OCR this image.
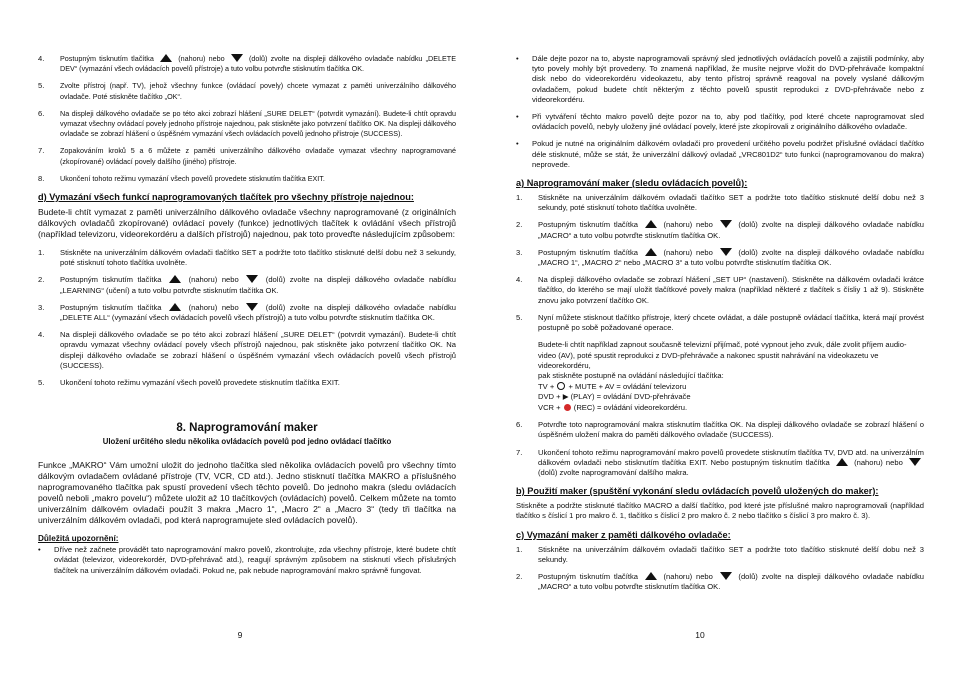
4.	Postupným tisknutím tlačítka	(nahoru) nebo	(dolů) zvolte na displeji dálkového ovladače nabídku „DELETE DEV“ (vymazání všech ovládacích povelů přístroje) a tuto volbu potvrďte stisknutím tlačítka OK.
5.	Zvolte přístroj (např. TV), jehož všechny funkce (ovládací povely) chcete vymazat z paměti univerzálního dálkového ovladače. Poté stiskněte tlačítko „OK“.
6.	Na displeji dálkového ovladače se po této akci zobrazí hlášení „SURE DELET“ (potvrdit vymazání). Budete-li chtít opravdu vymazat všechny ovládací povely jednoho přístroje najednou, pak stiskněte jako potvrzení tlačítko OK. Na displeji dálkového ovladače se zobrazí hlášení o úspěšném vymazání všech ovládacích povelů jednoho přístroje (SUCCESS).
7.	Zopakováním kroků 5 a 6 můžete z paměti univerzálního dálkového ovladače vymazat všechny naprogramované (zkopírované) ovládací povely dalšího (jiného) přístroje.
8.	Ukončení tohoto režimu vymazání všech povelů provedete stisknutím tlačítka EXIT.
d) Vymazání všech funkcí naprogramovaných tlačítek pro všechny přístroje najednou:
Budete-li chtít vymazat z paměti univerzálního dálkového ovladače všechny naprogramované (z originálních dálkových ovladačů zkopírované) ovládací povely (funkce) jednotlivých tlačítek k ovládání všech přístrojů (například televizoru, videorekordéru a dalších přístrojů) najednou, pak toto proveďte následujícím způsobem:
1.	Stiskněte na univerzálním dálkovém ovladači tlačítko SET a podržte toto tlačítko stisknuté delší dobu než 3 sekundy, poté stisknutí tohoto tlačítka uvolněte.
2.	Postupným tisknutím tlačítka  (nahoru) nebo  (dolů) zvolte na displeji dálkového ovladače nabídku „LEARNING“ (učení) a tuto volbu potvrďte stisknutím tlačítka OK.
3.	Postupným tisknutím tlačítka  (nahoru) nebo  (dolů) zvolte na displeji dálkového ovladače nabídku „DELETE ALL“ (vymazání všech ovládacích povelů všech přístrojů) a tuto volbu potvrďte stisknutím tlačítka OK.
4.	Na displeji dálkového ovladače se po této akci zobrazí hlášení „SURE DELET“ (potvrdit vymazání). Budete-li chtít opravdu vymazat všechny ovládací povely všech přístrojů najednou, pak stiskněte jako potvrzení tlačítko OK. Na displeji dálkového ovladače se zobrazí hlášení o úspěšném vymazání všech ovládacích povelů všech přístrojů (SUCCESS).
5.	Ukončení tohoto režimu vymazání všech povelů provedete stisknutím tlačítka EXIT.
8. Naprogramování maker
Uložení určitého sledu několika ovládacích povelů pod jedno ovládací tlačítko
Funkce „MAKRO“ Vám umožní uložit do jednoho tlačítka sled několika ovládacích povelů pro všechny tímto dálkovým ovladačem ovládané přístroje (TV, VCR, CD atd.). Jedno stisknutí tlačítka MAKRO a příslušného naprogramovaného tlačítka pak spustí provedení všech těchto povelů. Do jednoho makra (sledu ovládacích povelů neboli „makro povelu“) můžete uložit až 10 tlačítkových (ovládacích) povelů. Celkem můžete na tomto univerzálním dálkovém ovladači použít 3 makra „Macro 1“, „Macro 2“ a „Macro 3“ (tedy tři tlačítka na univerzálním dálkovém ovladači, pod která naprogramujete sled ovládacích povelů).
Důležitá upozornění:
•	Dříve než začnete provádět tato naprogramování makro povelů, zkontrolujte, zda všechny přístroje, které budete chtít ovládat (televizor, videorekordér, DVD-přehrávač atd.), reagují správným způsobem na stisknutí všech příslušných tlačítek na univerzálním dálkovém ovladači. Pokud ne, pak nebude naprogramování makro správně fungovat.
9
•	Dále dejte pozor na to, abyste naprogramovali správný sled jednotlivých ovládacích povelů a zajistili podmínky, aby tyto povely mohly být provedeny. To znamená například, že musíte nejprve vložit do DVD-přehrávače kompaktní disk nebo do videorekordéru videokazetu, aby tento přístroj správně reagoval na povely vyslané dálkovým ovladačem, pokud budete chtít některým z těchto povelů spustit reprodukci z DVD-přehrávače nebo z videorekordéru.
•	Při vytváření těchto makro povelů dejte pozor na to, aby pod tlačítky, pod které chcete naprogramovat sled ovládacích povelů, nebyly uloženy jiné ovládací povely, které jste zkopírovali z originálního dálkového ovladače.
•	Pokud je nutné na originálním dálkovém ovladači pro provedení určitého povelu podržet příslušné ovládací tlačítko déle stisknuté, může se stát, že univerzální dálkový ovladač „VRC801D2“ tuto funkci (naprogramovanou do makra) neprovede.
a) Naprogramování maker (sledu ovládacích povelů):
1.	Stiskněte na univerzálním dálkovém ovladači tlačítko SET a podržte toto tlačítko stisknuté delší dobu než 3 sekundy, poté stisknutí tohoto tlačítka uvolněte.
2.	Postupným tisknutím tlačítka  (nahoru) nebo  (dolů) zvolte na displeji dálkového ovladače nabídku „MACRO“ a tuto volbu potvrďte stisknutím tlačítka OK.
3.	Postupným tisknutím tlačítka  (nahoru) nebo  (dolů) zvolte na displeji dálkového ovladače nabídku „MACRO 1“, „MACRO 2“ nebo „MACRO 3“ a tuto volbu potvrďte stisknutím tlačítka OK.
4.	Na displeji dálkového ovladače se zobrazí hlášení „SET UP“ (nastavení). Stiskněte na dálkovém ovladači krátce tlačítko, do kterého se mají uložit tlačítkové povely makra (například některé z tlačítek s čísliy 1 až 9). Stiskněte znovu jako potvrzení tlačítko OK.
5.	Nyní můžete stisknout tlačítko přístroje, který chcete ovládat, a dále postupně ovládací tlačítka, která mají provést postupně po sobě požadované operace.
Budete-li chtít například zapnout současně televizní přijímač, poté vypnout jeho zvuk, dále zvolit příjem audio-video (AV), poté spustit reprodukci z DVD-přehrávače a nakonec spustit nahrávání na videokazetu ve videorekordéru,
pak stiskněte postupně na ovládání následující tlačítka:
TV +  + MUTE + AV = ovládání televizoru
DVD + ▶ (PLAY) = ovládání DVD-přehrávače
VCR +  (REC) = ovládání videorekordéru.
6.	Potvrďte toto naprogramování makra stisknutím tlačítka OK. Na displeji dálkového ovladače se zobrazí hlášení o úspěšném uložení makra do paměti dálkového ovladače (SUCCESS).
7.	Ukončení tohoto režimu naprogramování makro povelů provedete stisknutím tlačítka TV, DVD atd. na univerzálním dálkovém ovladači nebo stisknutím tlačítka EXIT. Nebo postupným tisknutím tlačítka  (nahoru) nebo  (dolů) zvolte naprogramování dalšího makra.
b) Použití maker (spuštění vykonání sledu ovládacích povelů uložených do maker):
Stiskněte a podržte stisknuté tlačítko MACRO a další tlačítko, pod které jste příslušné makro naprogramovali (například tlačítko s číslicí 1 pro makro č. 1, tlačítko s číslicí 2 pro makro č. 2 nebo tlačítko s číslicí 3 pro makro č. 3).
c) Vymazání maker z paměti dálkového ovladače:
1.	Stiskněte na univerzálním dálkovém ovladači tlačítko SET a podržte toto tlačítko stisknuté delší dobu než 3 sekundy.
2.	Postupným tisknutím tlačítka  (nahoru) nebo  (dolů) zvolte na displeji dálkového ovladače nabídku „MACRO“ a tuto volbu potvrďte stisknutím tlačítka OK.
10
